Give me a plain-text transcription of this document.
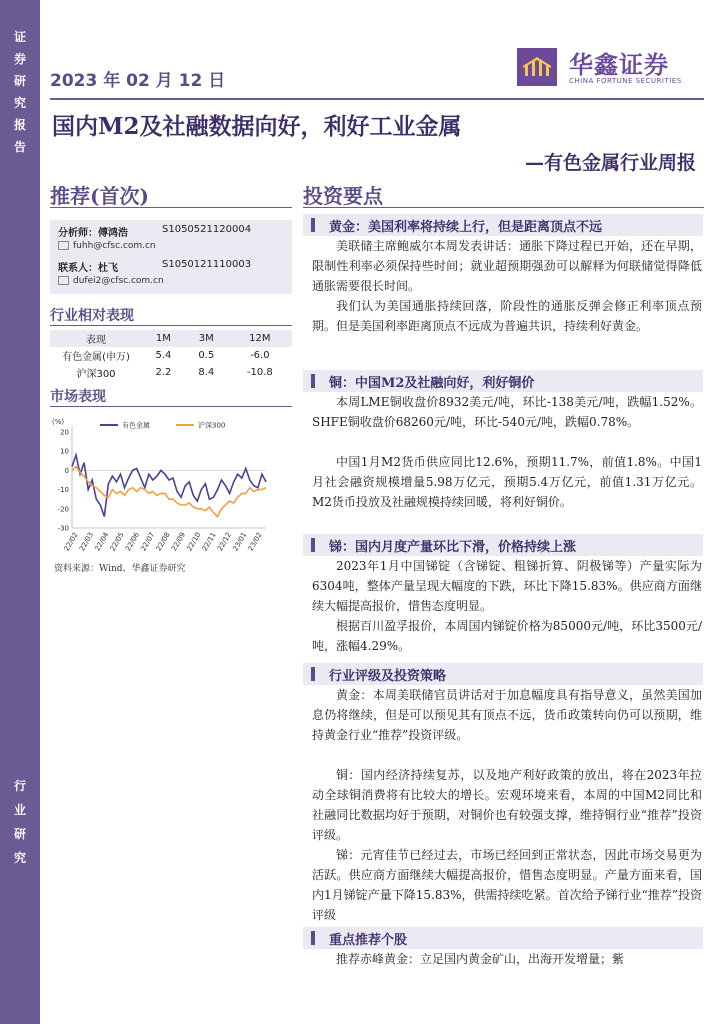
证券研究报告
行业研究
2023 年 02 月 12 日
华鑫证券
CHINA FORTUNE SECURITIES
国内M2及社融数据向好，利好工业金属
—有色金属行业周报
推荐(首次)	投资要点
分析师：傅鸿浩	S1050521120004
fuhh@cfsc.com.cn
联系人：杜飞	S1050121110003
dufei2@cfsc.com.cn
行业相对表现
表现	1M	3M	12M
有色金属(申万)	5.4	0.5	-6.0
沪深300	2.2	8.4	-10.8
市场表现
(%)
20
10
0
-10
-20
-30
22/02
22/03
22/04
22/05
22/06
22/07
22/08
22/09
22/10
22/11
22/12
23/01
23/02
有色金属	沪深300
资料来源：Wind、华鑫证券研究
黄金：美国利率将持续上行，但是距离顶点不远
美联储主席鲍威尔本周发表讲话：通胀下降过程已开始，还在早期，限制性利率必须保持些时间；就业超预期强劲可以解释为何联储觉得降低通胀需要很长时间。
我们认为美国通胀持续回落，阶段性的通胀反弹会修正利率顶点预期。但是美国利率距离顶点不远成为普遍共识，持续利好黄金。
铜：中国M2及社融向好，利好铜价
本周LME铜收盘价8932美元/吨，环比-138美元/吨，跌幅1.52%。SHFE铜收盘价68260元/吨，环比-540元/吨，跌幅0.78%。
中国1月M2货币供应同比12.6%，预期11.7%，前值1.8%。中国1月社会融资规模增量5.98万亿元，预期5.4万亿元，前值1.31万亿元。M2货币投放及社融规模持续回暖，将利好铜价。
锑：国内月度产量环比下滑，价格持续上涨
2023年1月中国锑锭（含锑锭、粗锑折算、阴极锑等）产量实际为6304吨，整体产量呈现大幅度的下跌，环比下降15.83%。供应商方面继续大幅提高报价，惜售态度明显。
根据百川盈孚报价，本周国内锑锭价格为85000元/吨，环比3500元/吨，涨幅4.29%。
行业评级及投资策略
黄金：本周美联储官员讲话对于加息幅度具有指导意义，虽然美国加息仍将继续，但是可以预见其有顶点不远，货币政策转向仍可以预期，维持黄金行业“推荐”投资评级。
铜：国内经济持续复苏，以及地产利好政策的放出，将在2023年拉动全球铜消费将有比较大的增长。宏观环境来看，本周的中国M2同比和社融同比数据均好于预期，对铜价也有较强支撑，维持铜行业“推荐”投资评级。
锑：元宵佳节已经过去，市场已经回到正常状态，因此市场交易更为活跃。供应商方面继续大幅提高报价，惜售态度明显。产量方面来看，国内1月锑锭产量下降15.83%，供需持续吃紧。首次给予锑行业“推荐”投资评级
重点推荐个股
推荐赤峰黄金：立足国内黄金矿山，出海开发增量；紫
